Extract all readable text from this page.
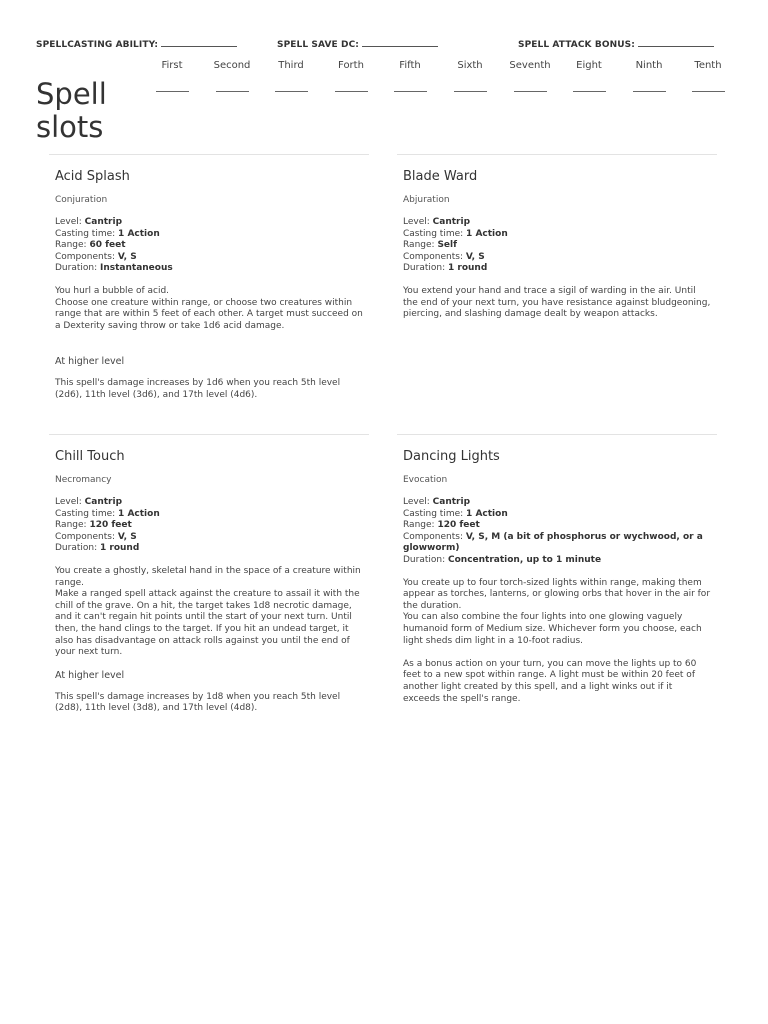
SPELLCASTING ABILITY:	SPELL SAVE DC:	SPELL ATTACK BONUS:
Spell
slots
First	Second	Third	Forth	Fifth	Sixth	Seventh	Eight	Ninth	Tenth
Acid Splash
Conjuration
Level: Cantrip
Casting time: 1 Action
Range: 60 feet
Components: V, S
Duration: Instantaneous

You hurl a bubble of acid.

Choose one creature within range, or choose two creatures within range that are within 5 feet of each other. A target must succeed on a Dexterity saving throw or take 1d6 acid damage.

At higher level

This spell's damage increases by 1d6 when you reach 5th level (2d6), 11th level (3d6), and 17th level (4d6).

Blade Ward
Abjuration
Level: Cantrip
Casting time: 1 Action
Range: Self
Components: V, S
Duration: 1 round

You extend your hand and trace a sigil of warding in the air. Until the end of your next turn, you have resistance against bludgeoning, piercing, and slashing damage dealt by weapon attacks.

Chill Touch
Necromancy
Level: Cantrip
Casting time: 1 Action
Range: 120 feet
Components: V, S
Duration: 1 round

You create a ghostly, skeletal hand in the space of a creature within range.

Make a ranged spell attack against the creature to assail it with the chill of the grave. On a hit, the target takes 1d8 necrotic damage, and it can't regain hit points until the start of your next turn. Until then, the hand clings to the target. If you hit an undead target, it also has disadvantage on attack rolls against you until the end of your next turn.

At higher level

This spell's damage increases by 1d8 when you reach 5th level (2d8), 11th level (3d8), and 17th level (4d8).

Dancing Lights
Evocation
Level: Cantrip
Casting time: 1 Action
Range: 120 feet
Components: V, S, M (a bit of phosphorus or wychwood, or a glowworm)
Duration: Concentration, up to 1 minute

You create up to four torch-sized lights within range, making them appear as torches, lanterns, or glowing orbs that hover in the air for the duration.

You can also combine the four lights into one glowing vaguely humanoid form of Medium size. Whichever form you choose, each light sheds dim light in a 10-foot radius.

As a bonus action on your turn, you can move the lights up to 60 feet to a new spot within range. A light must be within 20 feet of another light created by this spell, and a light winks out if it exceeds the spell's range.
